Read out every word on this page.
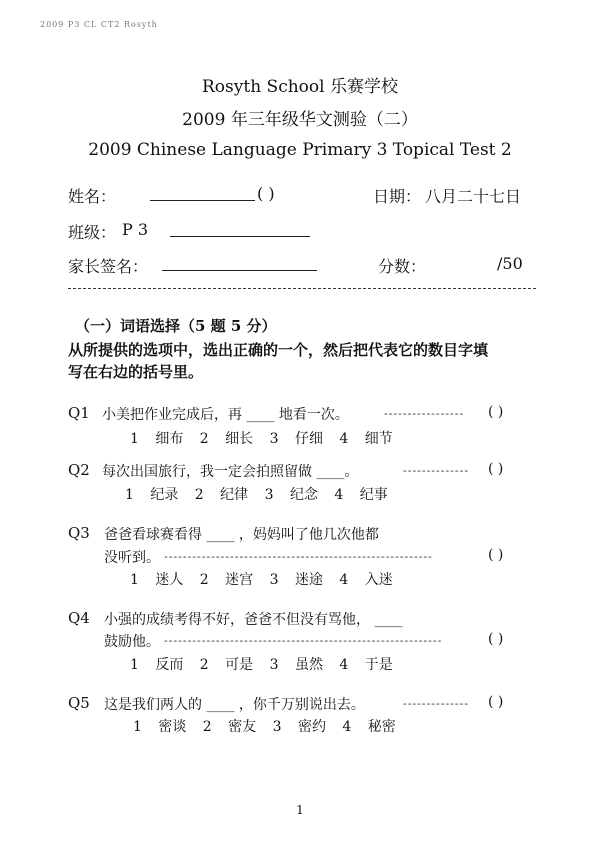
2009 P3 CL CT2 Rosyth
Rosyth School 乐赛学校
2009 年三年级华文测验（二）
2009 Chinese Language Primary 3 Topical Test 2
姓名：	( )	日期： 八月二十七日
班级： P 3
家长签名：	分数：	/50
（一）词语选择（5 题 5 分）
从所提供的选项中，选出正确的一个，然后把代表它的数目字填
写在右边的括号里。
Q1 小美把作业完成后，再 ____ 地看一次。	----------------- ( )
1 细布 2 细长 3 仔细 4 细节
Q2 每次出国旅行，我一定会拍照留做 ____。	-------------- ( )
1 纪录 2 纪律 3 纪念 4 纪事
Q3 爸爸看球赛看得 ____ ，妈妈叫了他几次他都
没听到。 ---------------------------------------------------------	( )
1 迷人 2 迷宫 3 迷途 4 入迷
Q4 小强的成绩考得不好，爸爸不但没有骂他， ____
鼓励他。 -----------------------------------------------------------	( )
1 反而 2 可是 3 虽然 4 于是
Q5 这是我们两人的 ____ ，你千万别说出去。	-------------- ( )
1 密谈 2 密友 3 密约 4 秘密
1
